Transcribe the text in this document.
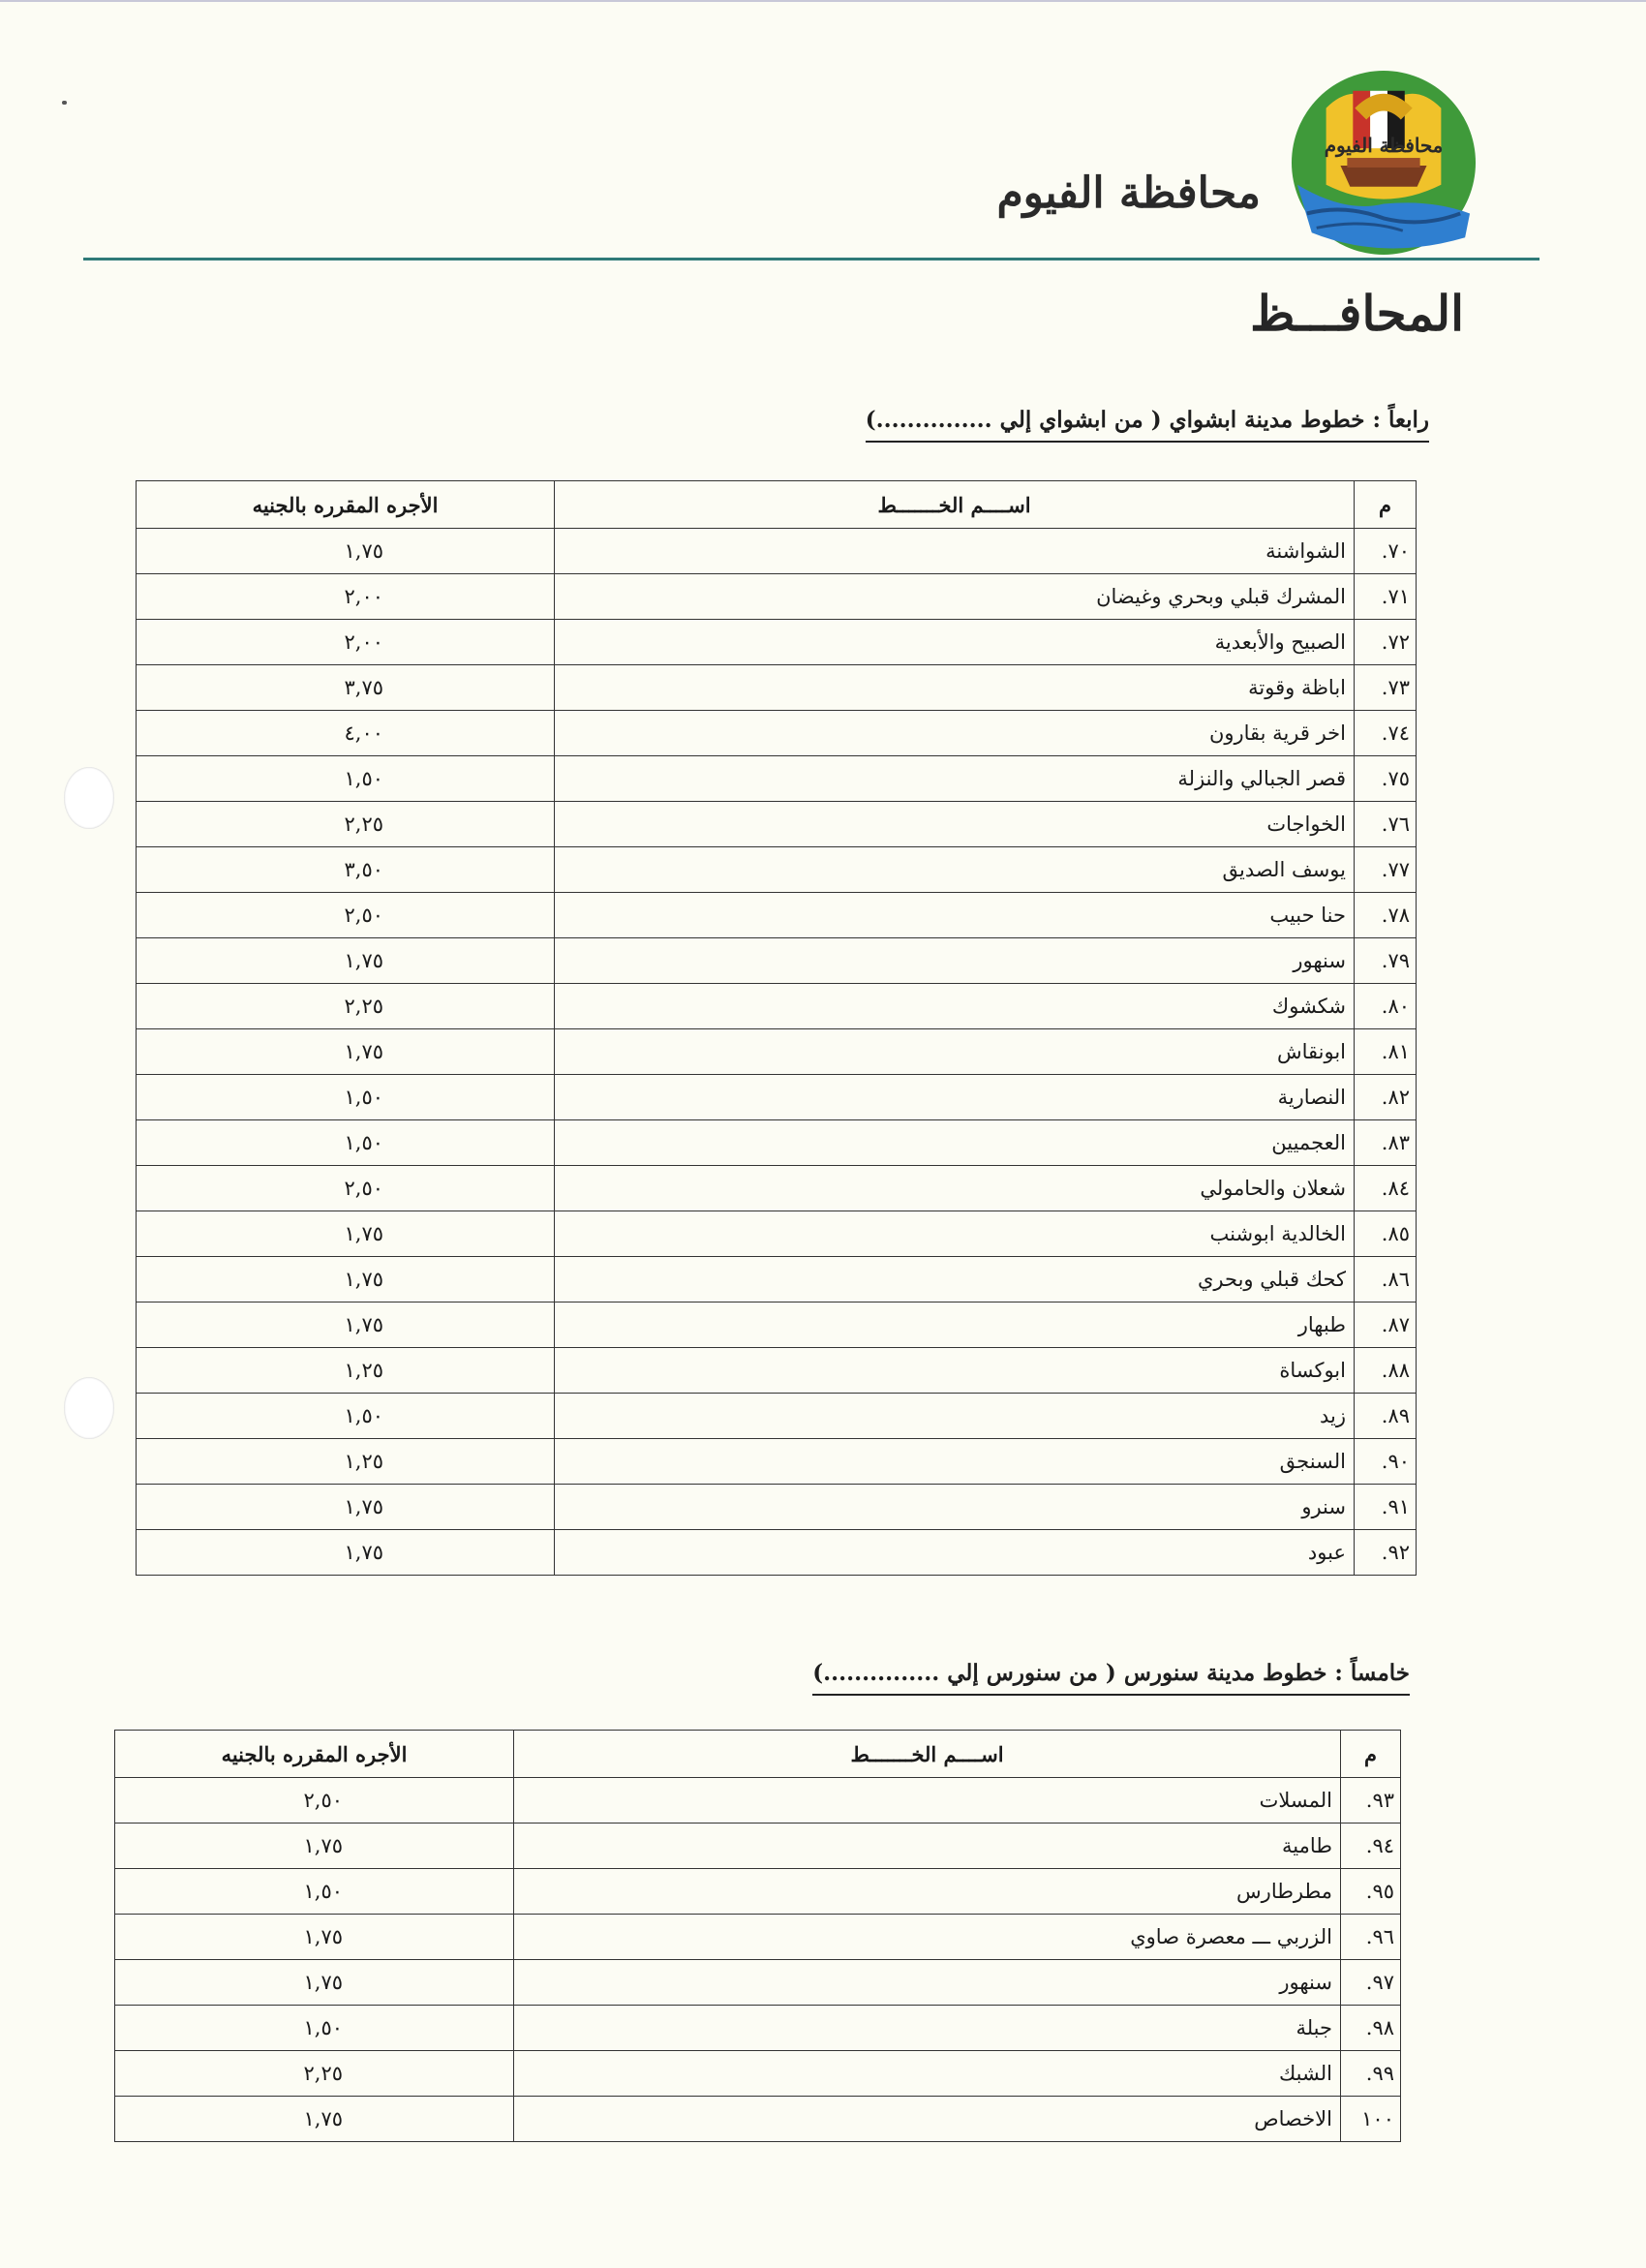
محافظة الفيوم
محافظة الفيوم
المحافـــظ
رابعاً : خطوط مدينة ابشواي ( من ابشواي إلي ...............)
م	اســــم الخـــــــط	الأجره المقرره بالجنيه
٧٠.	الشواشنة	١,٧٥
٧١.	المشرك قبلي وبحري وغيضان	٢,٠٠
٧٢.	الصبيح والأبعدية	٢,٠٠
٧٣.	اباظة وقوتة	٣,٧٥
٧٤.	اخر قرية بقارون	٤,٠٠
٧٥.	قصر الجبالي والنزلة	١,٥٠
٧٦.	الخواجات	٢,٢٥
٧٧.	يوسف الصديق	٣,٥٠
٧٨.	حنا حبيب	٢,٥٠
٧٩.	سنهور	١,٧٥
٨٠.	شكشوك	٢,٢٥
٨١.	ابونقاش	١,٧٥
٨٢.	النصارية	١,٥٠
٨٣.	العجميين	١,٥٠
٨٤.	شعلان والحامولي	٢,٥٠
٨٥.	الخالدية ابوشنب	١,٧٥
٨٦.	كحك قبلي وبحري	١,٧٥
٨٧.	طبهار	١,٧٥
٨٨.	ابوكساة	١,٢٥
٨٩.	زيد	١,٥٠
٩٠.	السنجق	١,٢٥
٩١.	سنرو	١,٧٥
٩٢.	عبود	١,٧٥
خامساً : خطوط مدينة سنورس ( من سنورس إلي ...............)
م	اســــم الخـــــــط	الأجره المقرره بالجنيه
٩٣.	المسلات	٢,٥٠
٩٤.	طامية	١,٧٥
٩٥.	مطرطارس	١,٥٠
٩٦.	الزربي ـــ معصرة صاوي	١,٧٥
٩٧.	سنهور	١,٧٥
٩٨.	جبلة	١,٥٠
٩٩.	الشبك	٢,٢٥
١٠٠	الاخصاص	١,٧٥
